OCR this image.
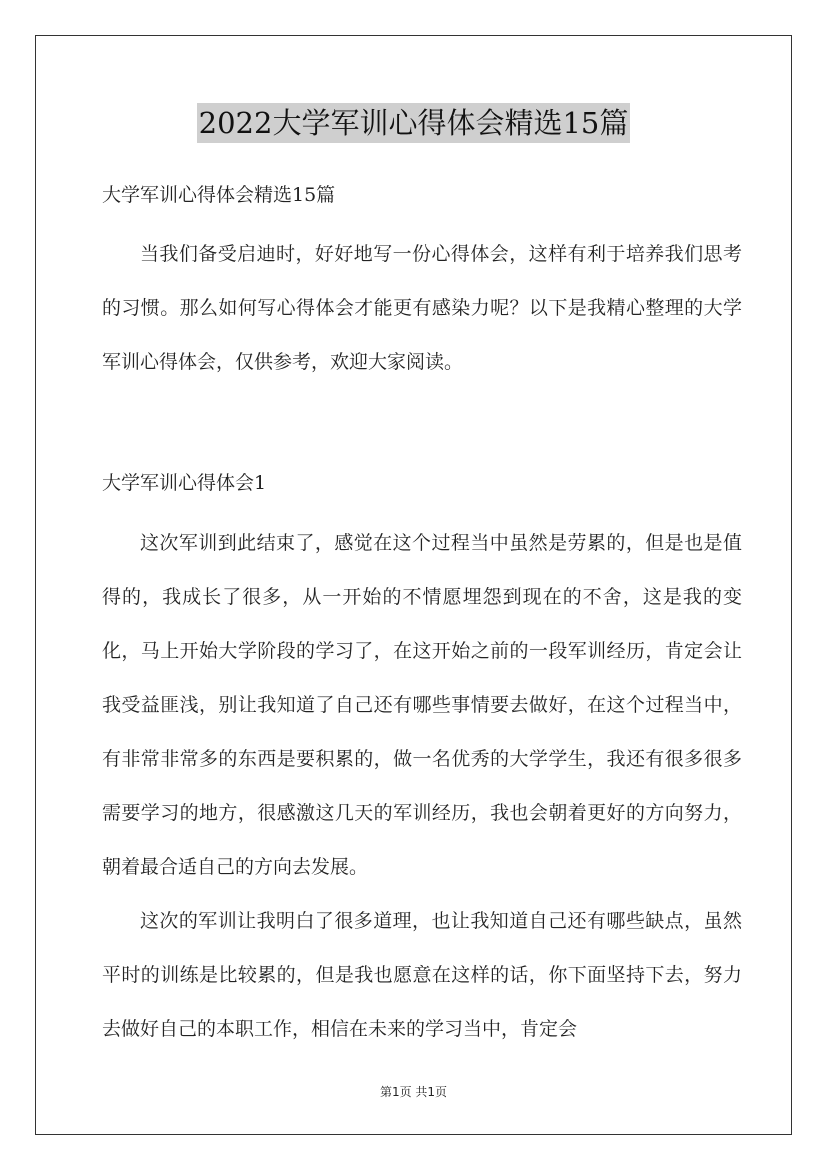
2022大学军训心得体会精选15篇

大学军训心得体会精选15篇

当我们备受启迪时，好好地写一份心得体会，这样有利于培养我们思考的习惯。那么如何写心得体会才能更有感染力呢？以下是我精心整理的大学军训心得体会，仅供参考，欢迎大家阅读。

大学军训心得体会1

这次军训到此结束了，感觉在这个过程当中虽然是劳累的，但是也是值得的，我成长了很多，从一开始的不情愿埋怨到现在的不舍，这是我的变化，马上开始大学阶段的学习了，在这开始之前的一段军训经历，肯定会让我受益匪浅，别让我知道了自己还有哪些事情要去做好，在这个过程当中，有非常非常多的东西是要积累的，做一名优秀的大学学生，我还有很多很多需要学习的地方，很感激这几天的军训经历，我也会朝着更好的方向努力，朝着最合适自己的方向去发展。

这次的军训让我明白了很多道理，也让我知道自己还有哪些缺点，虽然平时的训练是比较累的，但是我也愿意在这样的话，你下面坚持下去，努力去做好自己的本职工作，相信在未来的学习当中，肯定会

第1页 共1页
